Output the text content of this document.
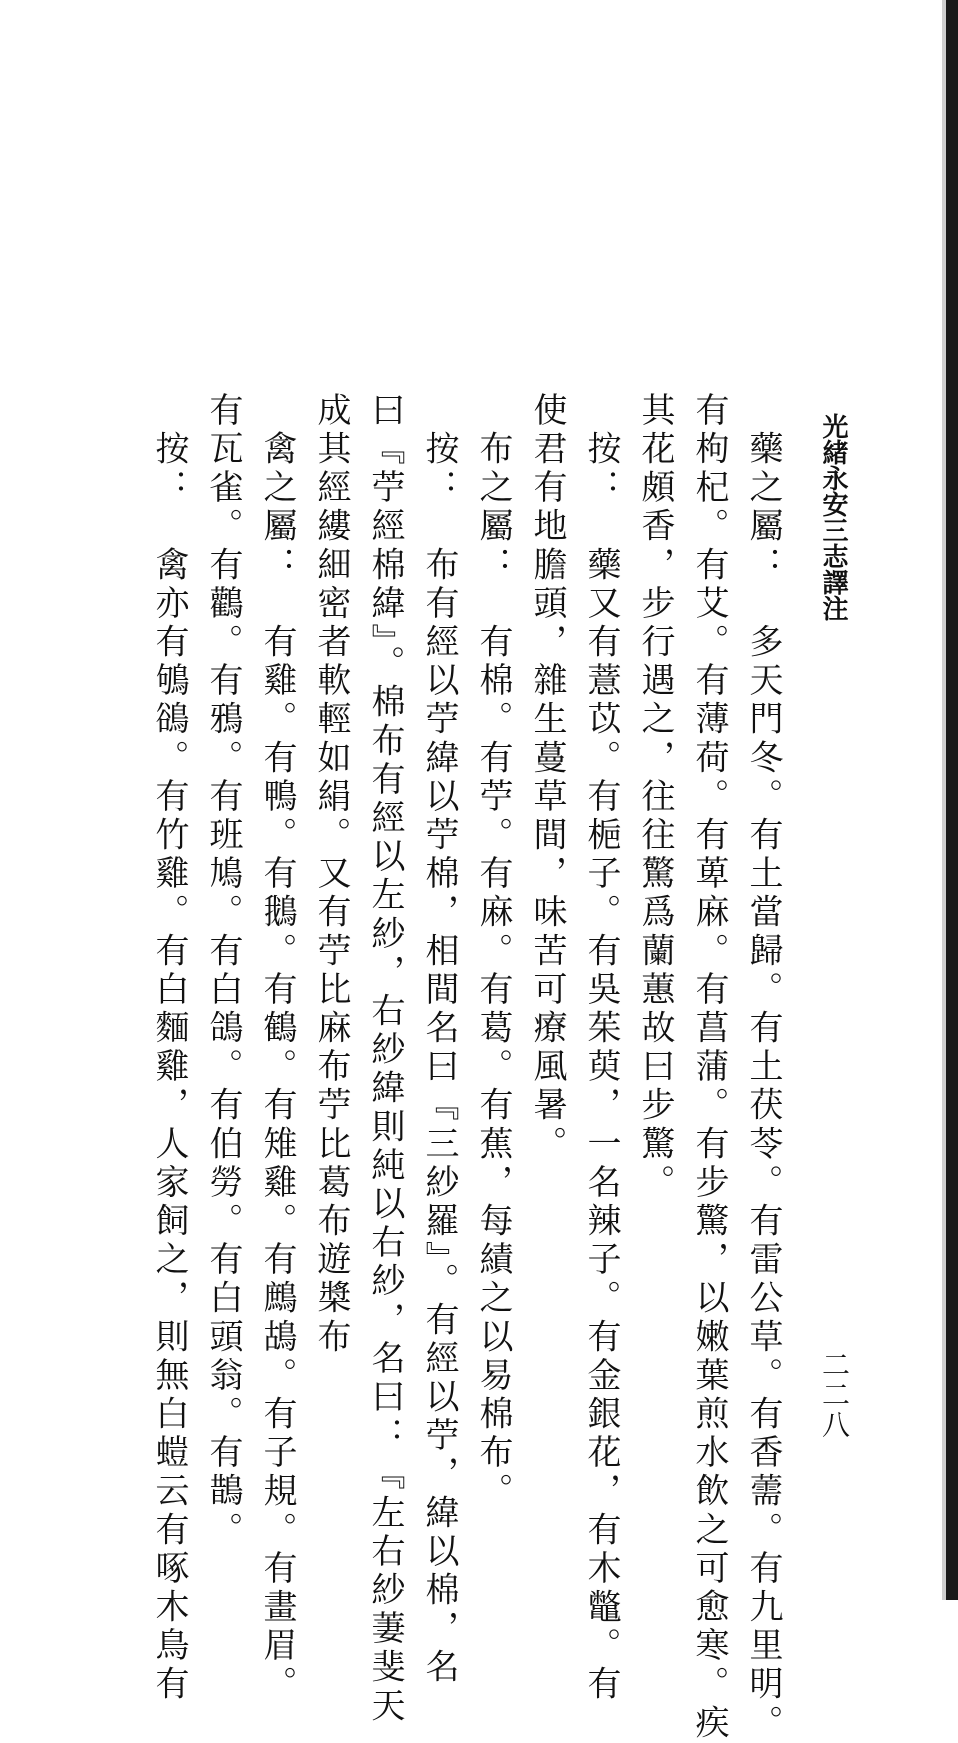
光緒永安三志譯注
二二八
　藥之屬：　多天門冬。有土當歸。有土茯苓。有雷公草。有香薷。有九里明。
有枸杞。有艾。有薄荷。有萆麻。有菖蒲。有步驚，以嫩葉煎水飲之可愈寒。疾
其花頗香，步行遇之，往往驚爲蘭蕙故曰步驚。
　按：　藥又有薏苡。有梔子。有吳茱萸，一名辣子。有金銀花，有木鼈。有
使君有地膽頭，雜生蔓草間，味苦可療風暑。
　布之屬：　有棉。有苧。有麻。有葛。有蕉，每績之以易棉布。
　按：　布有經以苧緯以苧棉，相間名曰『三紗羅』。有經以苧，緯以棉，名
曰『苧經棉緯』。棉布有經以左紗，右紗緯則純以右紗，名曰：『左右紗萋斐天
成其經縷細密者軟輕如絹。又有苧比麻布苧比葛布遊槳布
　禽之屬：　有雞。有鴨。有鵝。有鶴。有雉雞。有鷓鴣。有子規。有畫眉。
有瓦雀。有鸛。有鴉。有班鳩。有白鴿。有伯勞。有白頭翁。有鵲。
　按：　禽亦有鴝鵒。有竹雞。有白麵雞，人家飼之，則無白螘云有啄木鳥有
